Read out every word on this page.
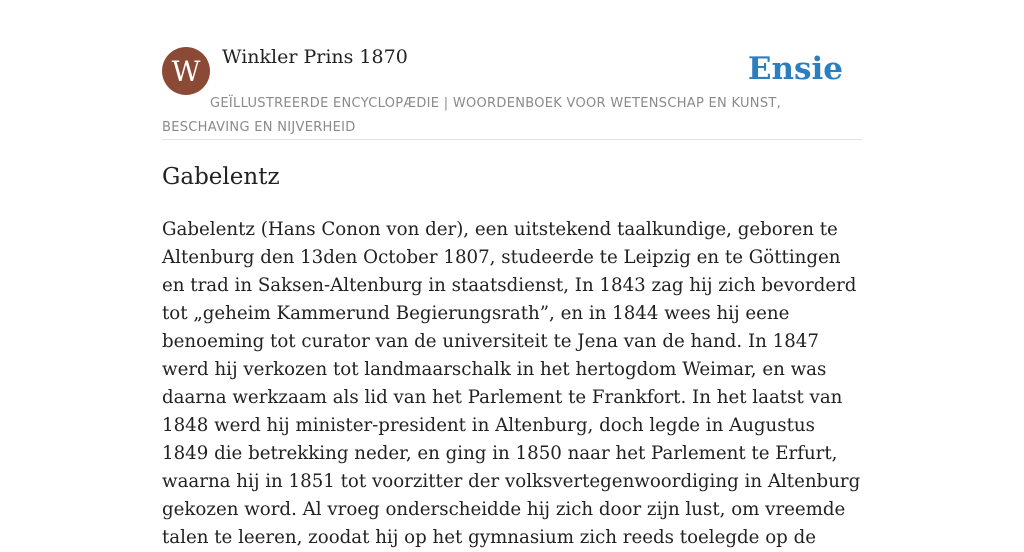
W	Winkler Prins 1870	Ensie
GEÏLLUSTREERDE ENCYCLOPÆDIE | WOORDENBOEK VOOR WETENSCHAP EN KUNST, BESCHAVING EN NIJVERHEID
Gabelentz

Gabelentz (Hans Conon von der), een uitstekend taalkundige, geboren te Altenburg den 13den October 1807, studeerde te Leipzig en te Göttingen en trad in Saksen-Altenburg in staatsdienst, In 1843 zag hij zich bevorderd tot „geheim Kammerund Begierungsrath”, en in 1844 wees hij eene benoeming tot curator van de universiteit te Jena van de hand. In 1847 werd hij verkozen tot landmaarschalk in het hertogdom Weimar, en was daarna werkzaam als lid van het Parlement te Frankfort. In het laatst van 1848 werd hij minister-president in Altenburg, doch legde in Augustus 1849 die betrekking neder, en ging in 1850 naar het Parlement te Erfurt, waarna hij in 1851 tot voorzitter der volksvertegenwoordiging in Altenburg gekozen word. Al vroeg onderscheidde hij zich door zijn lust, om vreemde talen te leeren, zoodat hij op het gymnasium zich reeds toelegde op de
